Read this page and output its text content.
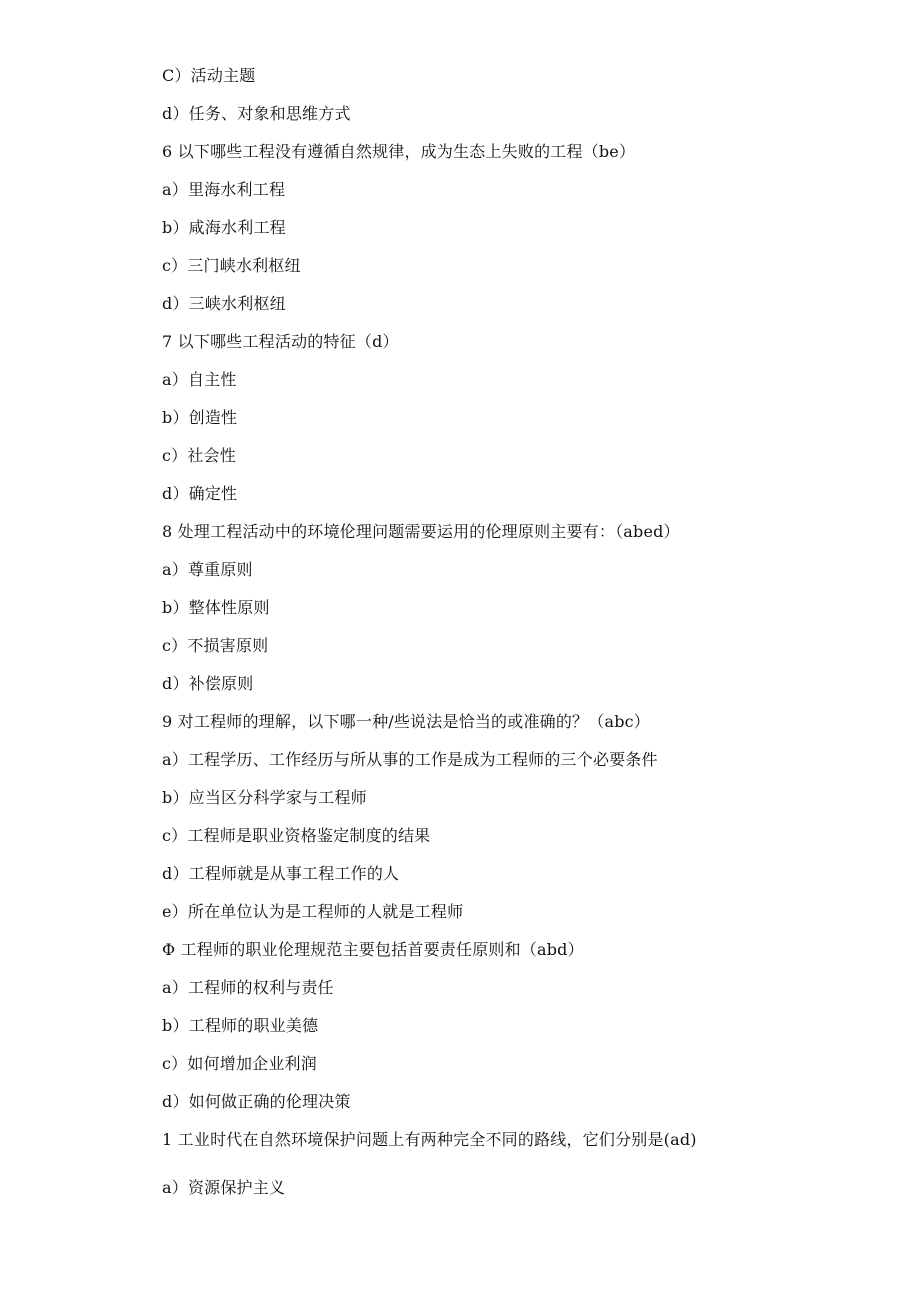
C）活动主题
d）任务、对象和思维方式
6 以下哪些工程没有遵循自然规律，成为生态上失败的工程（be）
a）里海水利工程
b）咸海水利工程
c）三门峡水利枢纽
d）三峡水利枢纽
7 以下哪些工程活动的特征（d）
a）自主性
b）创造性
c）社会性
d）确定性
8 处理工程活动中的环境伦理问题需要运用的伦理原则主要有：（abed）
a）尊重原则
b）整体性原则
c）不损害原则
d）补偿原则
9 对工程师的理解，以下哪一种/些说法是恰当的或准确的？（abc）
a）工程学历、工作经历与所从事的工作是成为工程师的三个必要条件
b）应当区分科学家与工程师
c）工程师是职业资格鉴定制度的结果
d）工程师就是从事工程工作的人
e）所在单位认为是工程师的人就是工程师
Φ 工程师的职业伦理规范主要包括首要责任原则和（abd）
a）工程师的权利与责任
b）工程师的职业美德
c）如何增加企业利润
d）如何做正确的伦理决策
1 工业时代在自然环境保护问题上有两种完全不同的路线，它们分别是(ad)
a）资源保护主义
